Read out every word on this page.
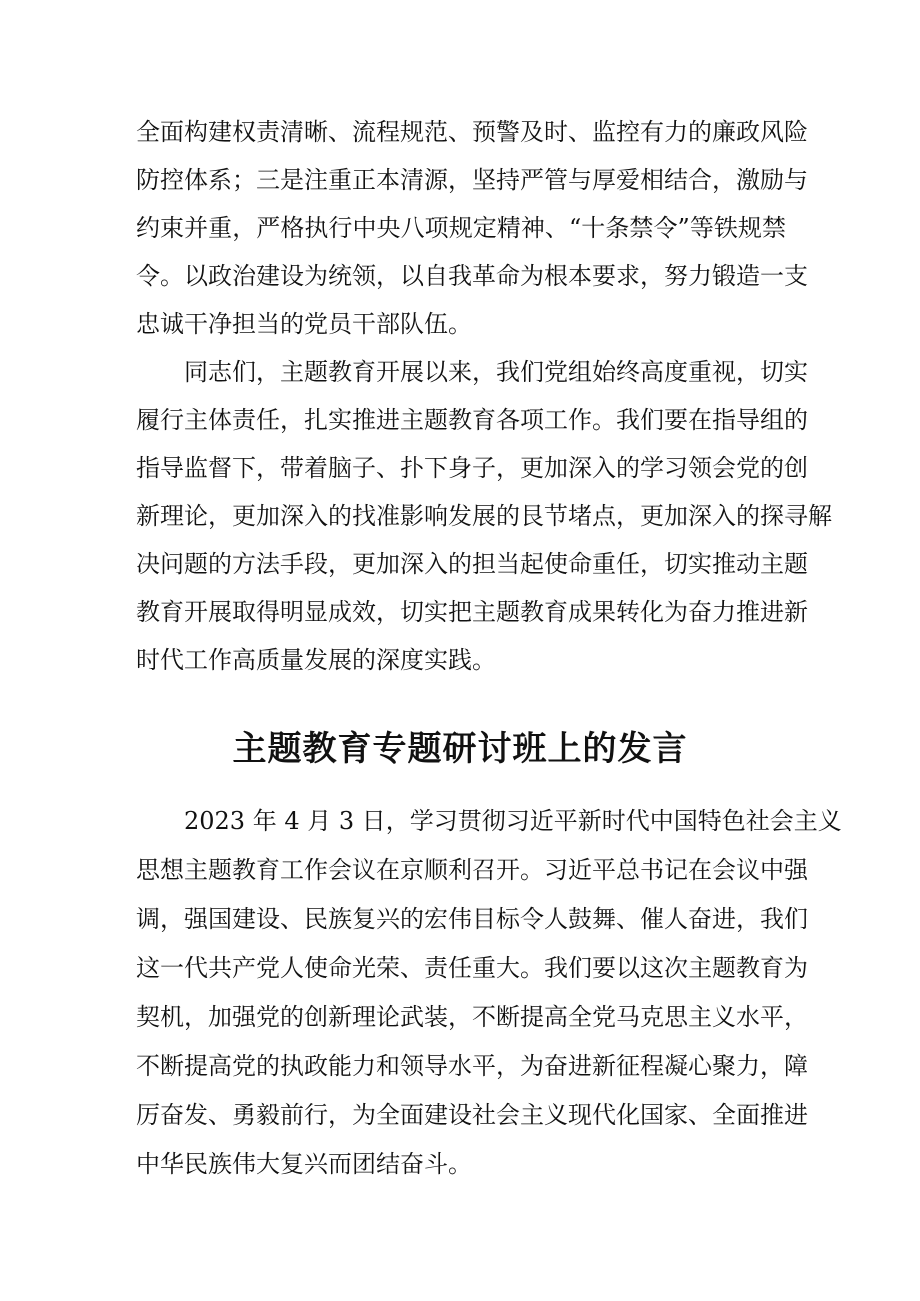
全面构建权责清晰、流程规范、预警及时、监控有力的廉政风险
防控体系；三是注重正本清源，坚持严管与厚爱相结合，激励与
约束并重，严格执行中央八项规定精神、“十条禁令”等铁规禁
令。以政治建设为统领，以自我革命为根本要求，努力锻造一支
忠诚干净担当的党员干部队伍。
同志们，主题教育开展以来，我们党组始终高度重视，切实
履行主体责任，扎实推进主题教育各项工作。我们要在指导组的
指导监督下，带着脑子、扑下身子，更加深入的学习领会党的创
新理论，更加深入的找准影响发展的艮节堵点，更加深入的探寻解
决问题的方法手段，更加深入的担当起使命重任，切实推动主题
教育开展取得明显成效，切实把主题教育成果转化为奋力推进新
时代工作高质量发展的深度实践。
主题教育专题研讨班上的发言
2023 年 4 月 3 日，学习贯彻习近平新时代中国特色社会主义
思想主题教育工作会议在京顺利召开。习近平总书记在会议中强
调，强国建设、民族复兴的宏伟目标令人鼓舞、催人奋进，我们
这一代共产党人使命光荣、责任重大。我们要以这次主题教育为
契机，加强党的创新理论武装，不断提高全党马克思主义水平，
不断提高党的执政能力和领导水平，为奋进新征程凝心聚力，障
厉奋发、勇毅前行，为全面建设社会主义现代化国家、全面推进
中华民族伟大复兴而团结奋斗。
